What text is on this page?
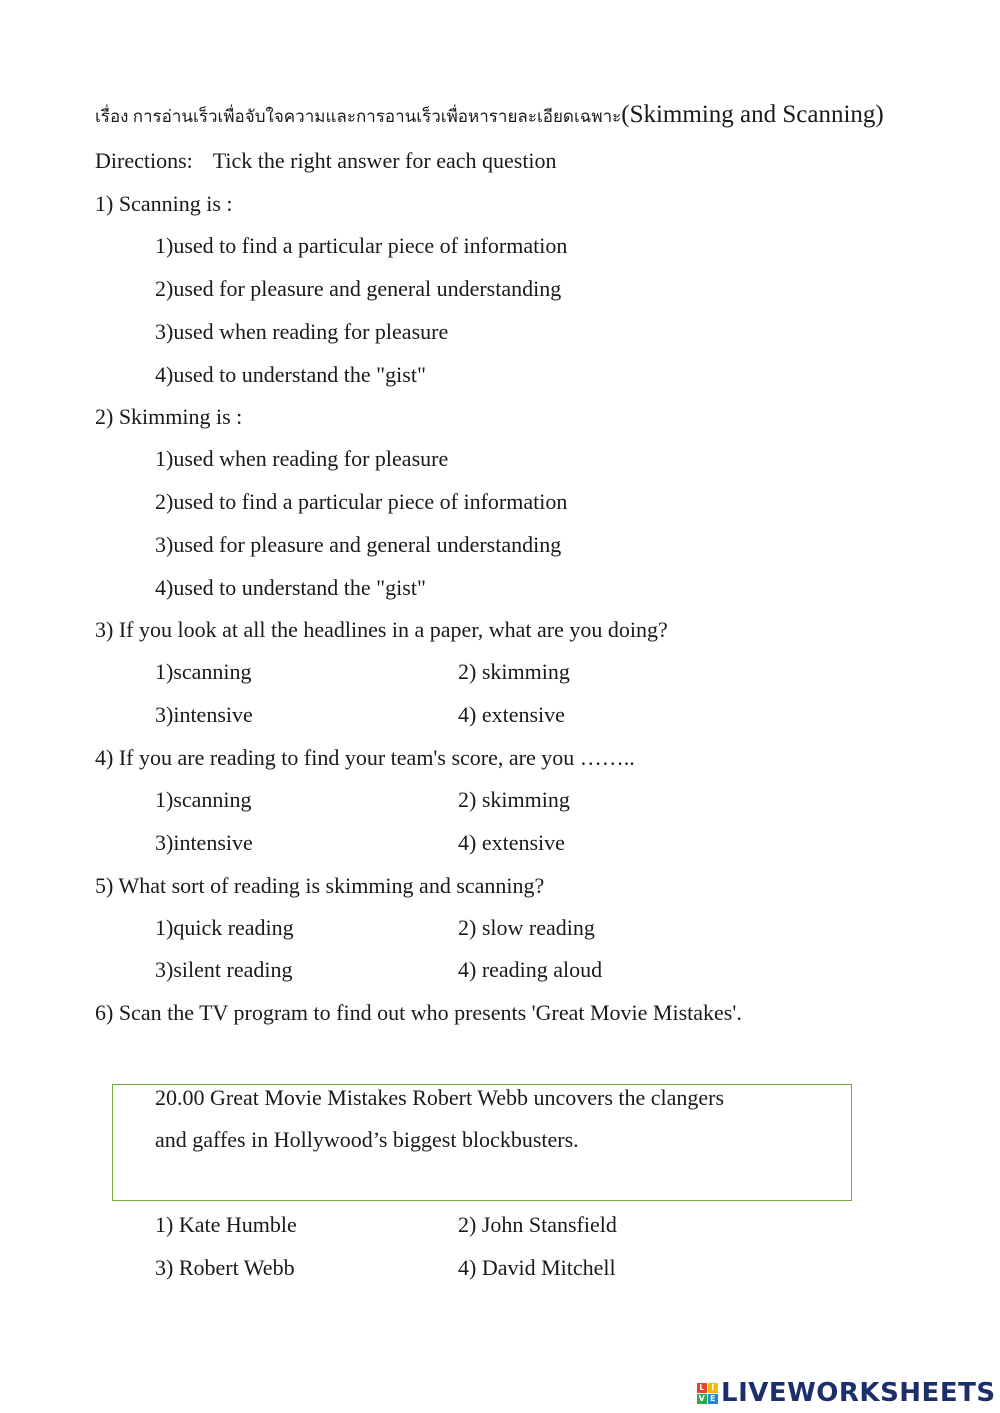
เรื่อง การอ่านเร็วเพื่อจับใจความและการอานเร็วเพื่อหารายละเอียดเฉพาะ(Skimming and Scanning)
Directions: Tick the right answer for each question
1) Scanning is :
1)used to find a particular piece of information
2)used for pleasure and general understanding
3)used when reading for pleasure
4)used to understand the "gist"
2) Skimming is :
1)used when reading for pleasure
2)used to find a particular piece of information
3)used for pleasure and general understanding
4)used to understand the "gist"
3) If you look at all the headlines in a paper, what are you doing?
1)scanning	2) skimming
3)intensive	4) extensive
4) If you are reading to find your team's score, are you ……..
1)scanning	2) skimming
3)intensive	4) extensive
5) What sort of reading is skimming and scanning?
1)quick reading	2) slow reading
3)silent reading	4) reading aloud
6) Scan the TV program to find out who presents 'Great Movie Mistakes'.
20.00 Great Movie Mistakes Robert Webb uncovers the clangers
and gaffes in Hollywood’s biggest blockbusters.
1) Kate Humble	2) John Stansfield
3) Robert Webb	4) David Mitchell
L I
V E LIVEWORKSHEETS
